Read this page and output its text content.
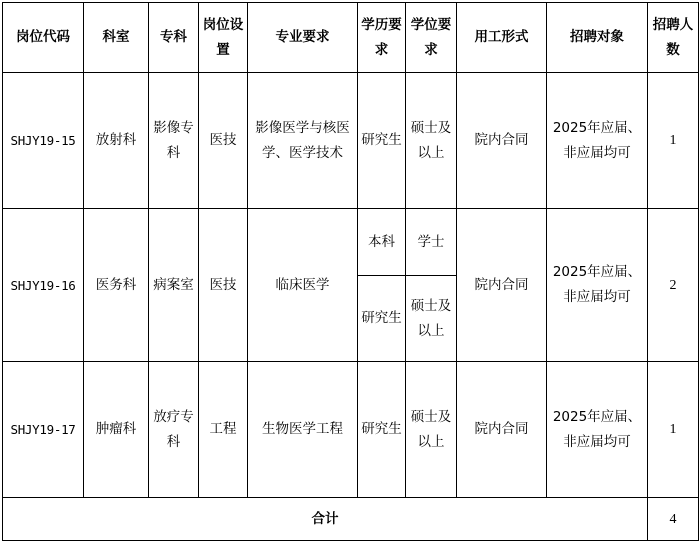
岗位代码	科室	专科	岗位设置	专业要求	学历要求	学位要求	用工形式	招聘对象	招聘人数
SHJY19-15	放射科	影像专科	医技	影像医学与核医学、医学技术	研究生	硕士及以上	院内合同	2025年应届、非应届均可	1
SHJY19-16	医务科	病案室	医技	临床医学	本科	学士	院内合同	2025年应届、非应届均可	2
					研究生	硕士及以上			
SHJY19-17	肿瘤科	放疗专科	工程	生物医学工程	研究生	硕士及以上	院内合同	2025年应届、非应届均可	1
合计									4
